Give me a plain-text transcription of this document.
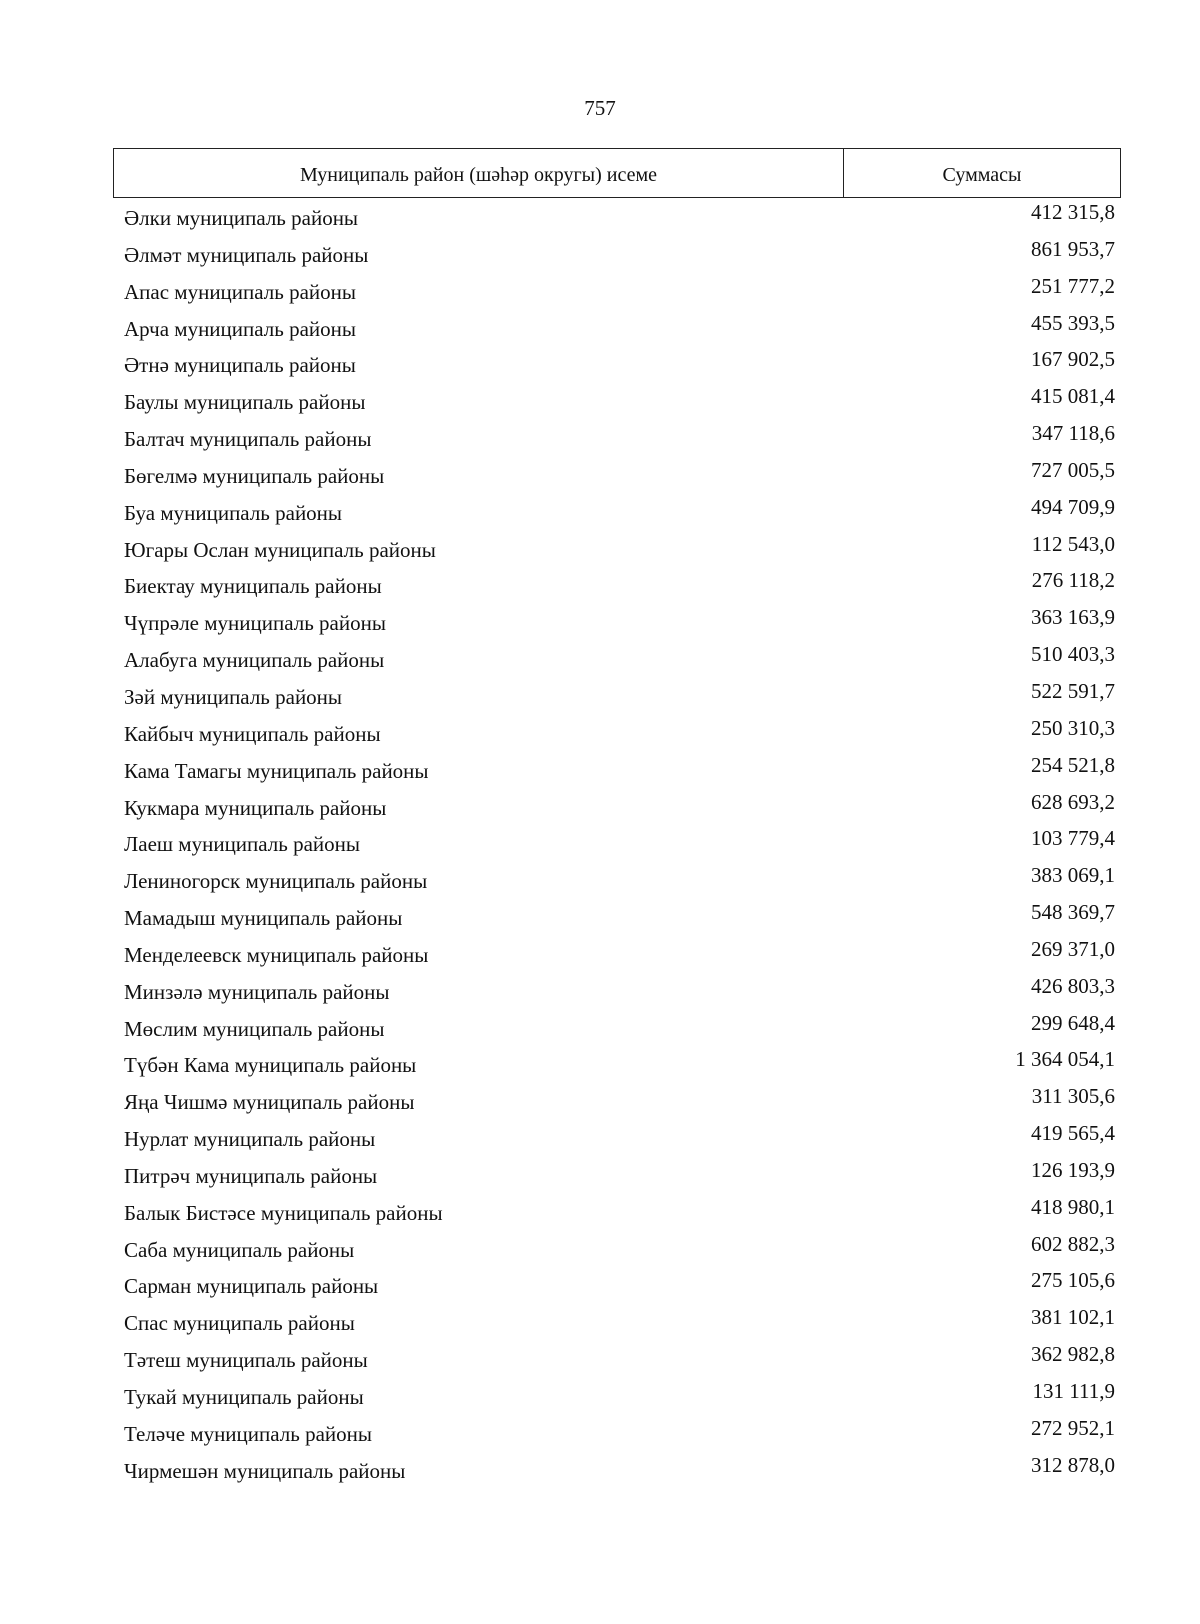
757
Муниципаль район (шәһәр округы) исеме	Суммасы
Әлки муниципаль районы	412 315,8
Әлмәт муниципаль районы	861 953,7
Апас муниципаль районы	251 777,2
Арча муниципаль районы	455 393,5
Әтнә муниципаль районы	167 902,5
Баулы муниципаль районы	415 081,4
Балтач муниципаль районы	347 118,6
Бөгелмә муниципаль районы	727 005,5
Буа муниципаль районы	494 709,9
Югары Ослан муниципаль районы	112 543,0
Биектау муниципаль районы	276 118,2
Чүпрәле муниципаль районы	363 163,9
Алабуга муниципаль районы	510 403,3
Зәй муниципаль районы	522 591,7
Кайбыч муниципаль районы	250 310,3
Кама Тамагы муниципаль районы	254 521,8
Кукмара муниципаль районы	628 693,2
Лаеш муниципаль районы	103 779,4
Лениногорск муниципаль районы	383 069,1
Мамадыш муниципаль районы	548 369,7
Менделеевск муниципаль районы	269 371,0
Минзәлә муниципаль районы	426 803,3
Мөслим муниципаль районы	299 648,4
Түбән Кама муниципаль районы	1 364 054,1
Яңа Чишмә муниципаль районы	311 305,6
Нурлат муниципаль районы	419 565,4
Питрәч муниципаль районы	126 193,9
Балык Бистәсе муниципаль районы	418 980,1
Саба муниципаль районы	602 882,3
Сарман муниципаль районы	275 105,6
Спас муниципаль районы	381 102,1
Тәтеш муниципаль районы	362 982,8
Тукай муниципаль районы	131 111,9
Теләче муниципаль районы	272 952,1
Чирмешән муниципаль районы	312 878,0
